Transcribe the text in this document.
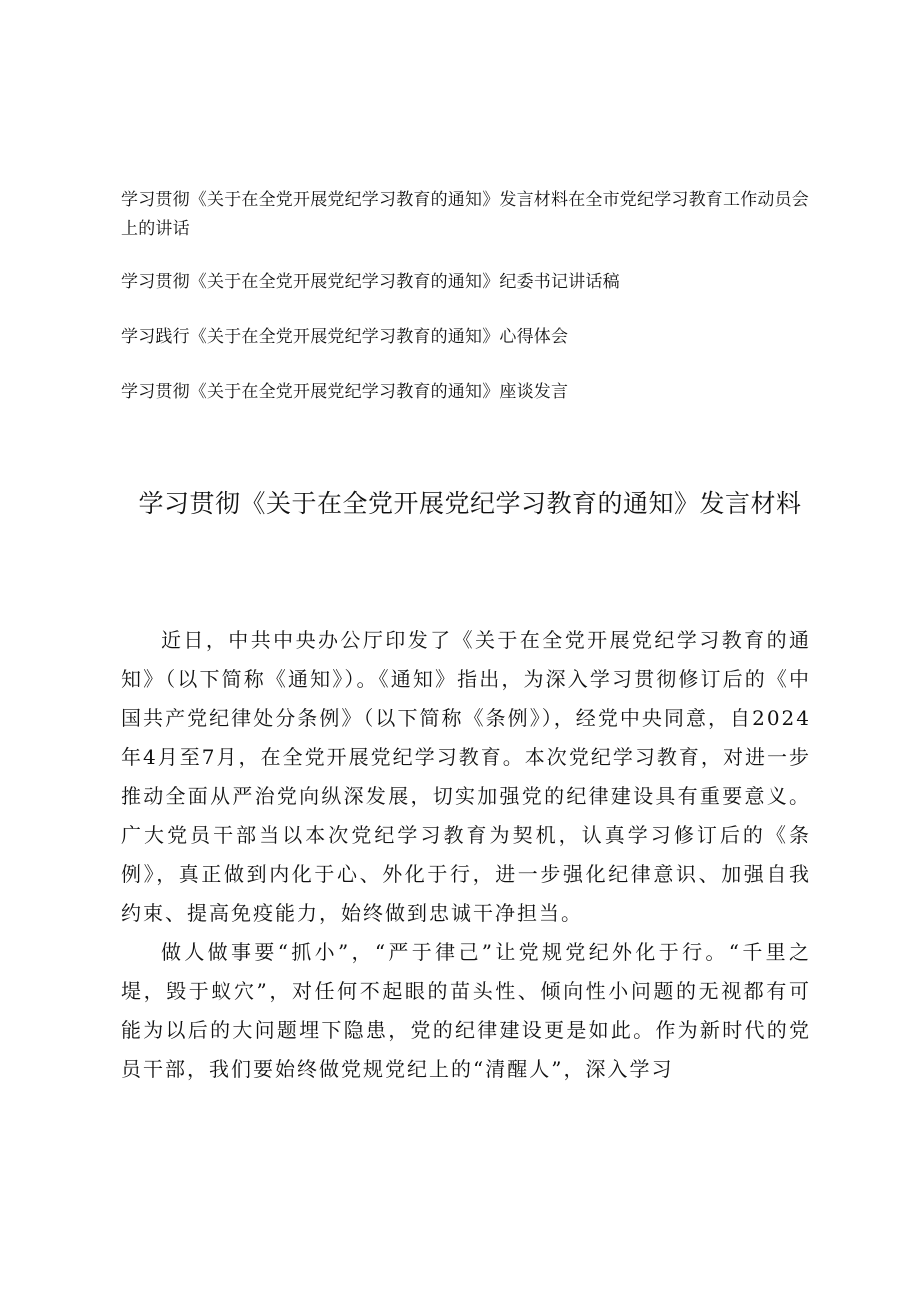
学习贯彻《关于在全党开展党纪学习教育的通知》发言材料在全市党纪学习教育工作动员会上的讲话
学习贯彻《关于在全党开展党纪学习教育的通知》纪委书记讲话稿
学习践行《关于在全党开展党纪学习教育的通知》心得体会
学习贯彻《关于在全党开展党纪学习教育的通知》座谈发言
学习贯彻《关于在全党开展党纪学习教育的通知》发言材料

近日，中共中央办公厅印发了《关于在全党开展党纪学习教育的通知》（以下简称《通知》）。《通知》指出，为深入学习贯彻修订后的《中国共产党纪律处分条例》（以下简称《条例》），经党中央同意，自2024年4月至7月，在全党开展党纪学习教育。本次党纪学习教育，对进一步推动全面从严治党向纵深发展，切实加强党的纪律建设具有重要意义。广大党员干部当以本次党纪学习教育为契机，认真学习修订后的《条例》，真正做到内化于心、外化于行，进一步强化纪律意识、加强自我约束、提高免疫能力，始终做到忠诚干净担当。

做人做事要“抓小”，“严于律己”让党规党纪外化于行。“千里之堤，毁于蚁穴”，对任何不起眼的苗头性、倾向性小问题的无视都有可能为以后的大问题埋下隐患，党的纪律建设更是如此。作为新时代的党员干部，我们要始终做党规党纪上的“清醒人”，深入学习
